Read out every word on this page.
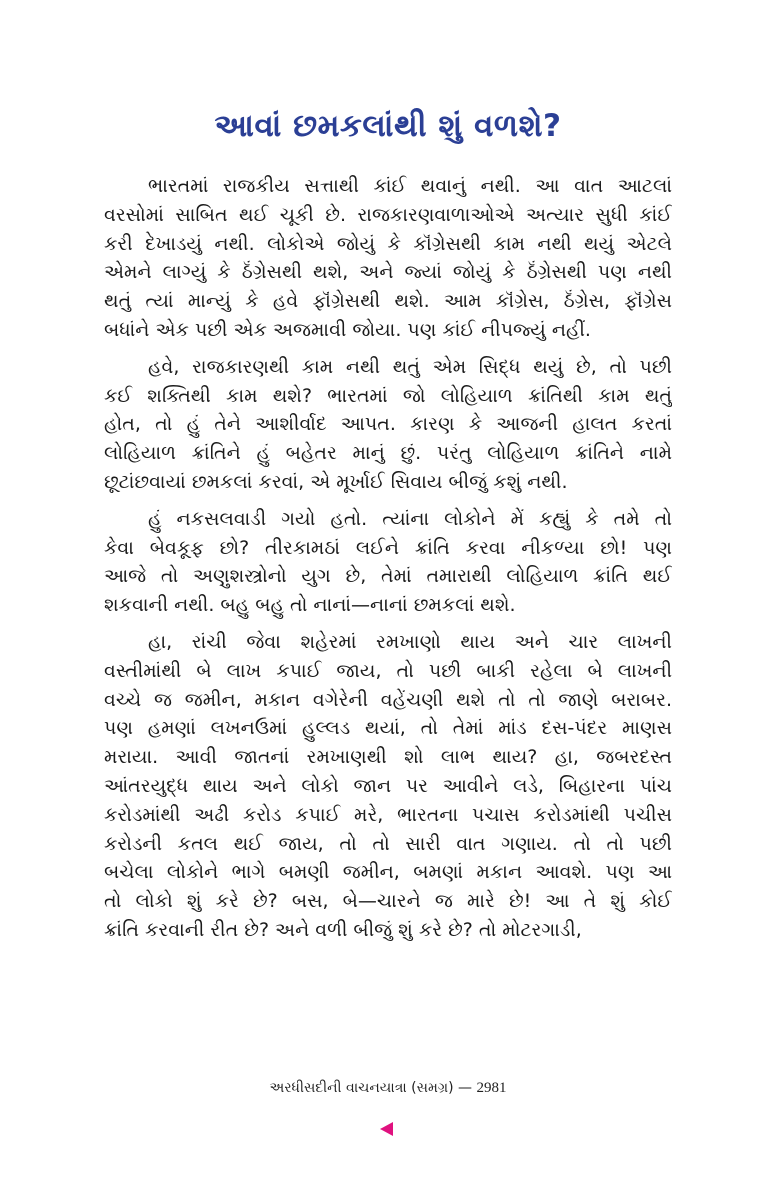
આવાં છમકલાંથી શું વળશે?
ભારતમાં રાજકીય સત્તાથી કાંઈ થવાનું નથી. આ વાત આટલાં
વરસોમાં સાબિત થઈ ચૂકી છે. રાજકારણવાળાઓએ અત્યાર સુધી કાંઈ
કરી દેખાડયું નથી. લોકોએ જોયું કે કૉંગ્રેસથી કામ નથી થયું એટલે
એમને લાગ્યું કે ઠૅંગ્રેસથી થશે, અને જ્યાં જોયું કે ઠૅંગ્રેસથી પણ નથી
થતું ત્યાં માન્યું કે હવે ફૉંગ્રેસથી થશે. આમ કૉંગ્રેસ, ઠૅંગ્રેસ, ફૉંગ્રેસ
બધાંને એક પછી એક અજમાવી જોયા. પણ કાંઈ નીપજ્યું નહીં.
હવે, રાજકારણથી કામ નથી થતું એમ સિદ્ધ થયું છે, તો પછી
કઈ શક્તિથી કામ થશે? ભારતમાં જો લોહિયાળ ક્રાંતિથી કામ થતું
હોત, તો હું તેને આશીર્વાદ આપત. કારણ કે આજની હાલત કરતાં
લોહિયાળ ક્રાંતિને હું બહેતર માનું છું. પરંતુ લોહિયાળ ક્રાંતિને નામે
છૂટાંછવાયાં છમકલાં કરવાં, એ મૂર્ખાઈ સિવાય બીજું કશું નથી.
હું નકસલવાડી ગયો હતો. ત્યાંના લોકોને મેં કહ્યું કે તમે તો
કેવા બેવકૂફ છો? તીરકામઠાં લઈને ક્રાંતિ કરવા નીકળ્યા છો! પણ
આજે તો અણુશસ્ત્રોનો યુગ છે, તેમાં તમારાથી લોહિયાળ ક્રાંતિ થઈ
શકવાની નથી. બહુ બહુ તો નાનાં—નાનાં છમકલાં થશે.
હા, રાંચી જેવા શહેરમાં રમખાણો થાય અને ચાર લાખની
વસ્તીમાંથી બે લાખ કપાઈ જાય, તો પછી બાકી રહેલા બે લાખની
વચ્ચે જ જમીન, મકાન વગેરેની વહેંચણી થશે તો તો જાણે બરાબર.
પણ હમણાં લખનઉમાં હુલ્લડ થયાં, તો તેમાં માંડ દસ-પંદર માણસ
મરાયા. આવી જાતનાં રમખાણથી શો લાભ થાય? હા, જબરદસ્ત
આંતરયુદ્ધ થાય અને લોકો જાન પર આવીને લડે, બિહારના પાંચ
કરોડમાંથી અઢી કરોડ કપાઈ મરે, ભારતના પચાસ કરોડમાંથી પચીસ
કરોડની કતલ થઈ જાય, તો તો સારી વાત ગણાય. તો તો પછી
બચેલા લોકોને ભાગે બમણી જમીન, બમણાં મકાન આવશે. પણ આ
તો લોકો શું કરે છે? બસ, બે—ચારને જ મારે છે! આ તે શું કોઈ
ક્રાંતિ કરવાની રીત છે? અને વળી બીજું શું કરે છે? તો મોટરગાડી,
અરધીસદીની વાચનયાત્રા (સમગ્ર) — 2981
